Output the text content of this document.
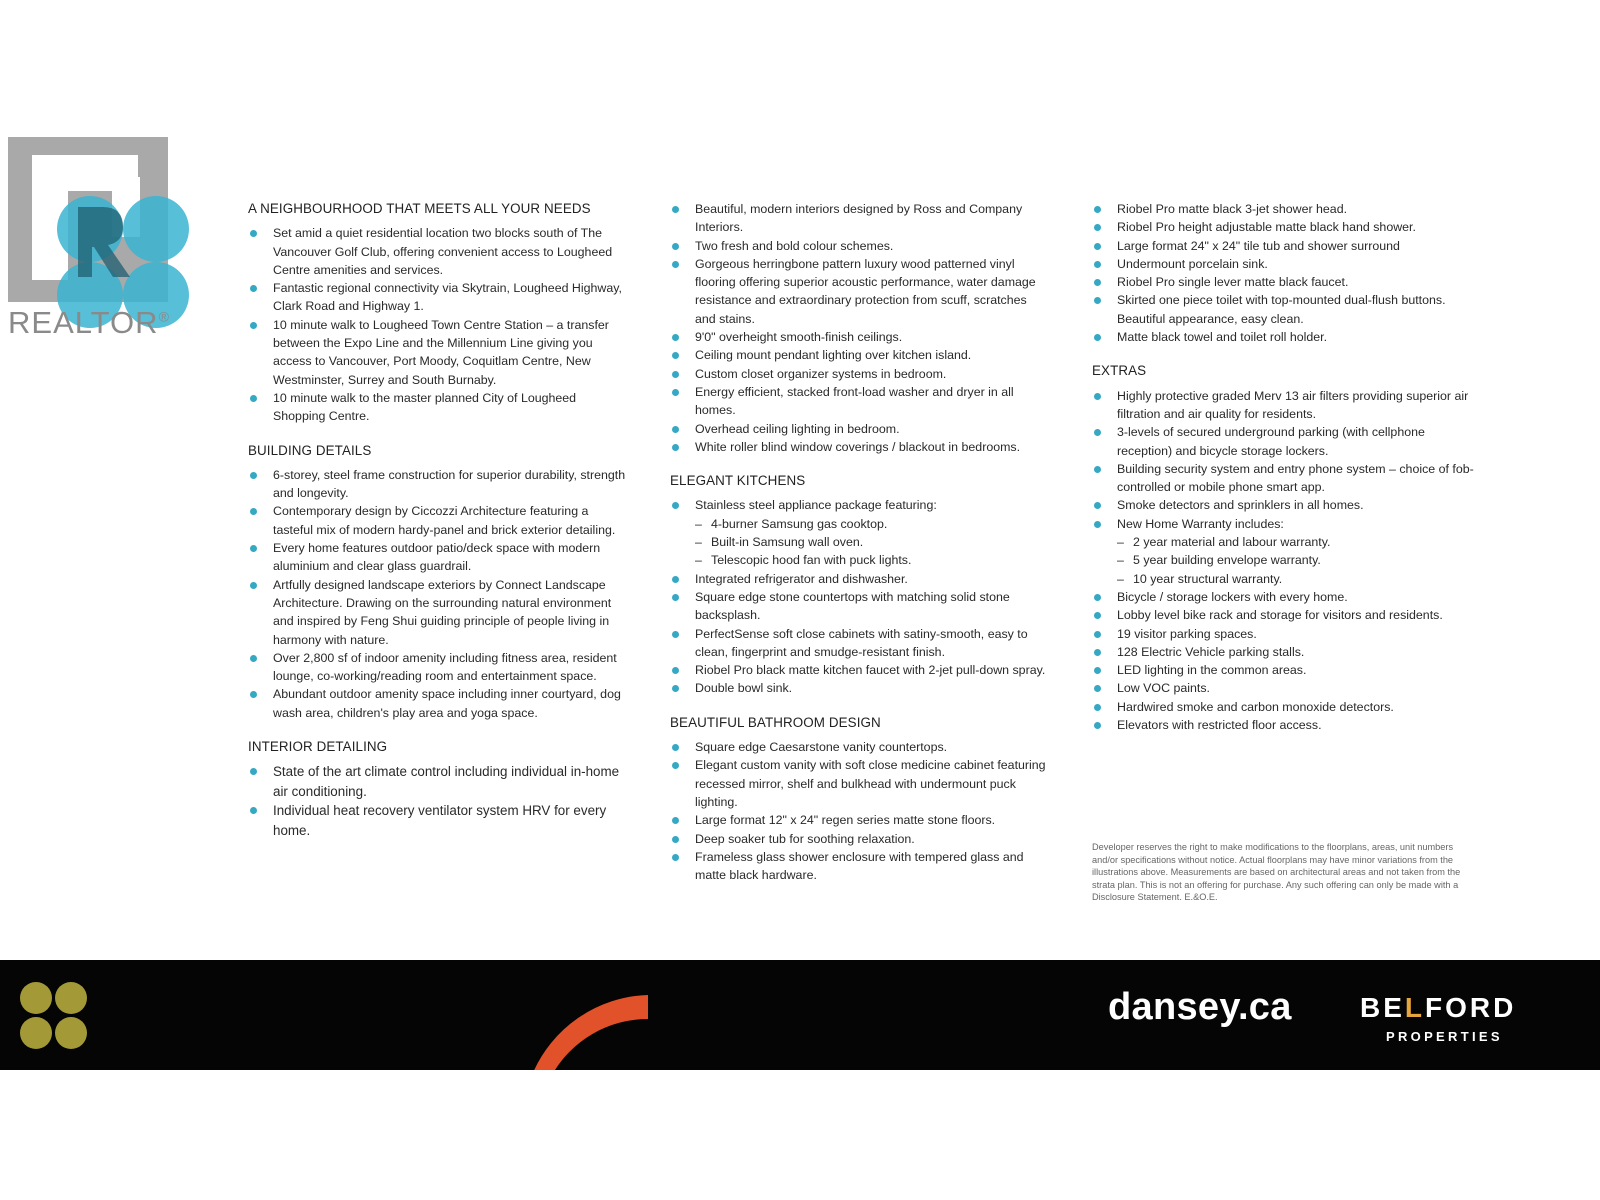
REALTOR®
A NEIGHBOURHOOD THAT MEETS ALL YOUR NEEDS
Set amid a quiet residential location two blocks south of The Vancouver Golf Club, offering convenient access to Lougheed Centre amenities and services.
Fantastic regional connectivity via Skytrain, Lougheed Highway, Clark Road and Highway 1.
10 minute walk to Lougheed Town Centre Station – a transfer between the Expo Line and the Millennium Line giving you access to Vancouver, Port Moody, Coquitlam Centre, New Westminster, Surrey and South Burnaby.
10 minute walk to the master planned City of Lougheed Shopping Centre.
BUILDING DETAILS
6-storey, steel frame construction for superior durability, strength and longevity.
Contemporary design by Ciccozzi Architecture featuring a tasteful mix of modern hardy-panel and brick exterior detailing.
Every home features outdoor patio/deck space with modern aluminium and clear glass guardrail.
Artfully designed landscape exteriors by Connect Landscape Architecture. Drawing on the surrounding natural environment and inspired by Feng Shui guiding principle of people living in harmony with nature.
Over 2,800 sf of indoor amenity including fitness area, resident lounge, co-working/reading room and entertainment space.
Abundant outdoor amenity space including inner courtyard, dog wash area, children's play area and yoga space.
INTERIOR DETAILING
State of the art climate control including individual in-home air conditioning.
Individual heat recovery ventilator system HRV for every home.
Beautiful, modern interiors designed by Ross and Company Interiors.
Two fresh and bold colour schemes.
Gorgeous herringbone pattern luxury wood patterned vinyl flooring offering superior acoustic performance, water damage resistance and extraordinary protection from scuff, scratches and stains.
9'0" overheight smooth-finish ceilings.
Ceiling mount pendant lighting over kitchen island.
Custom closet organizer systems in bedroom.
Energy efficient, stacked front-load washer and dryer in all homes.
Overhead ceiling lighting in bedroom.
White roller blind window coverings / blackout in bedrooms.
ELEGANT KITCHENS
Stainless steel appliance package featuring:
– 4-burner Samsung gas cooktop.
– Built-in Samsung wall oven.
– Telescopic hood fan with puck lights.
Integrated refrigerator and dishwasher.
Square edge stone countertops with matching solid stone backsplash.
PerfectSense soft close cabinets with satiny-smooth, easy to clean, fingerprint and smudge-resistant finish.
Riobel Pro black matte kitchen faucet with 2-jet pull-down spray.
Double bowl sink.
BEAUTIFUL BATHROOM DESIGN
Square edge Caesarstone vanity countertops.
Elegant custom vanity with soft close medicine cabinet featuring recessed mirror, shelf and bulkhead with undermount puck lighting.
Large format 12" x 24" regen series matte stone floors.
Deep soaker tub for soothing relaxation.
Frameless glass shower enclosure with tempered glass and matte black hardware.
Riobel Pro matte black 3-jet shower head.
Riobel Pro height adjustable matte black hand shower.
Large format 24" x 24" tile tub and shower surround
Undermount porcelain sink.
Riobel Pro single lever matte black faucet.
Skirted one piece toilet with top-mounted dual-flush buttons. Beautiful appearance, easy clean.
Matte black towel and toilet roll holder.
EXTRAS
Highly protective graded Merv 13 air filters providing superior air filtration and air quality for residents.
3-levels of secured underground parking (with cellphone reception) and bicycle storage lockers.
Building security system and entry phone system – choice of fob-controlled or mobile phone smart app.
Smoke detectors and sprinklers in all homes.
New Home Warranty includes:
– 2 year material and labour warranty.
– 5 year building envelope warranty.
– 10 year structural warranty.
Bicycle / storage lockers with every home.
Lobby level bike rack and storage for visitors and residents.
19 visitor parking spaces.
128 Electric Vehicle parking stalls.
LED lighting in the common areas.
Low VOC paints.
Hardwired smoke and carbon monoxide detectors.
Elevators with restricted floor access.
Developer reserves the right to make modifications to the floorplans, areas, unit numbers and/or specifications without notice. Actual floorplans may have minor variations from the illustrations above. Measurements are based on architectural areas and not taken from the strata plan. This is not an offering for purchase. Any such offering can only be made with a Disclosure Statement. E.&O.E.
dansey.ca BELFORD
PROPERTIES
